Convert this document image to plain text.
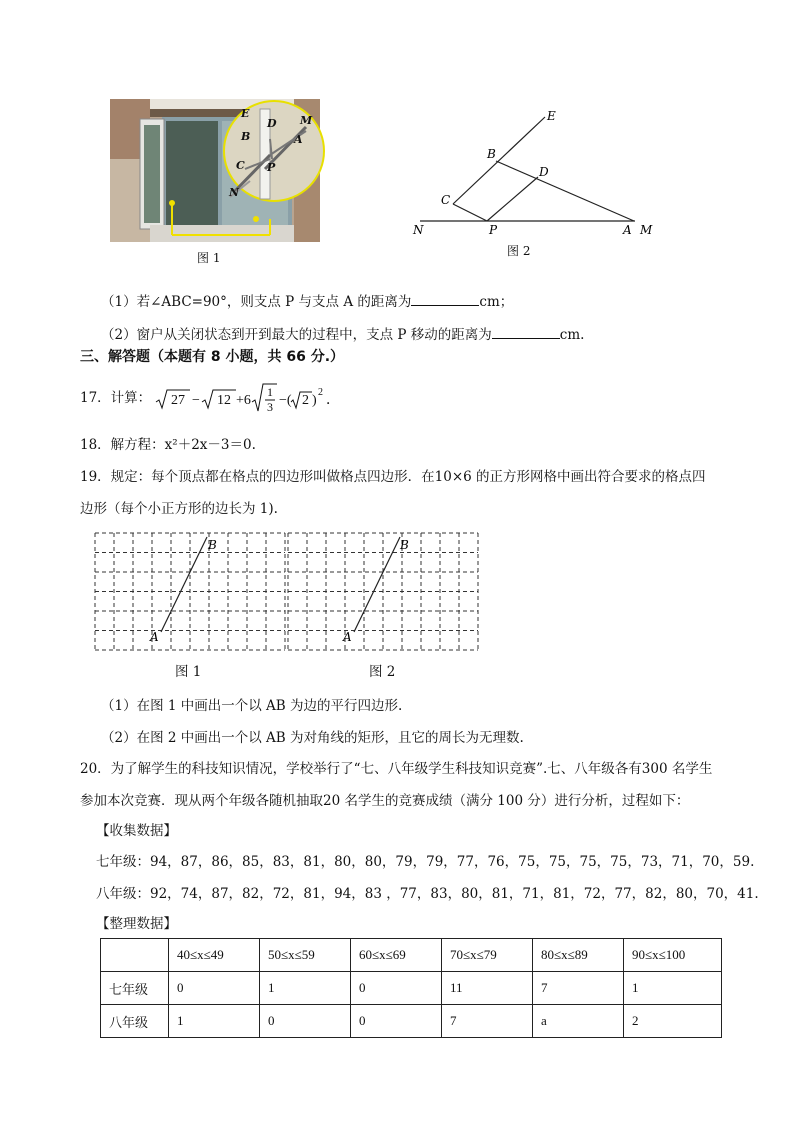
E
B
D M
A
C P
N
图 1
E
B
D
C
N	P	A M
图 2
（1）若∠ABC=90°，则支点 P 与支点 A 的距离为	cm；
（2）窗户从关闭状态到开到最大的过程中，支点 P 移动的距离为	cm.
三、解答题（本题有 8 小题，共 66 分.）
17．计算： 27 − 12 +6
1
3 −( 2 )
2
．
18．解方程：x²＋2x－3＝0.
19．规定：每个顶点都在格点的四边形叫做格点四边形．在10×6 的正方形网格中画出符合要求的格点四
边形（每个小正方形的边长为 1).
A
B
A
B
图 1	图 2
（1）在图 1 中画出一个以 AB 为边的平行四边形.
（2）在图 2 中画出一个以 AB 为对角线的矩形，且它的周长为无理数.
20．为了解学生的科技知识情况，学校举行了“七、八年级学生科技知识竞赛”.七、八年级各有300 名学生
参加本次竞赛．现从两个年级各随机抽取20 名学生的竞赛成绩（满分 100 分）进行分析，过程如下：
【收集数据】
七年级：94，87，86，85，83，81，80，80，79，79，77，76，75，75，75，75，73，71，70，59.
八年级：92，74，87，82，72，81，94，83 ，77，83，80，81，71，81，72，77，82，80，70，41.
【整理数据】
	40≤x≤49	50≤x≤59	60≤x≤69	70≤x≤79	80≤x≤89	90≤x≤100
七年级	0	1	0	11	7	1
八年级	1	0	0	7	a	2
